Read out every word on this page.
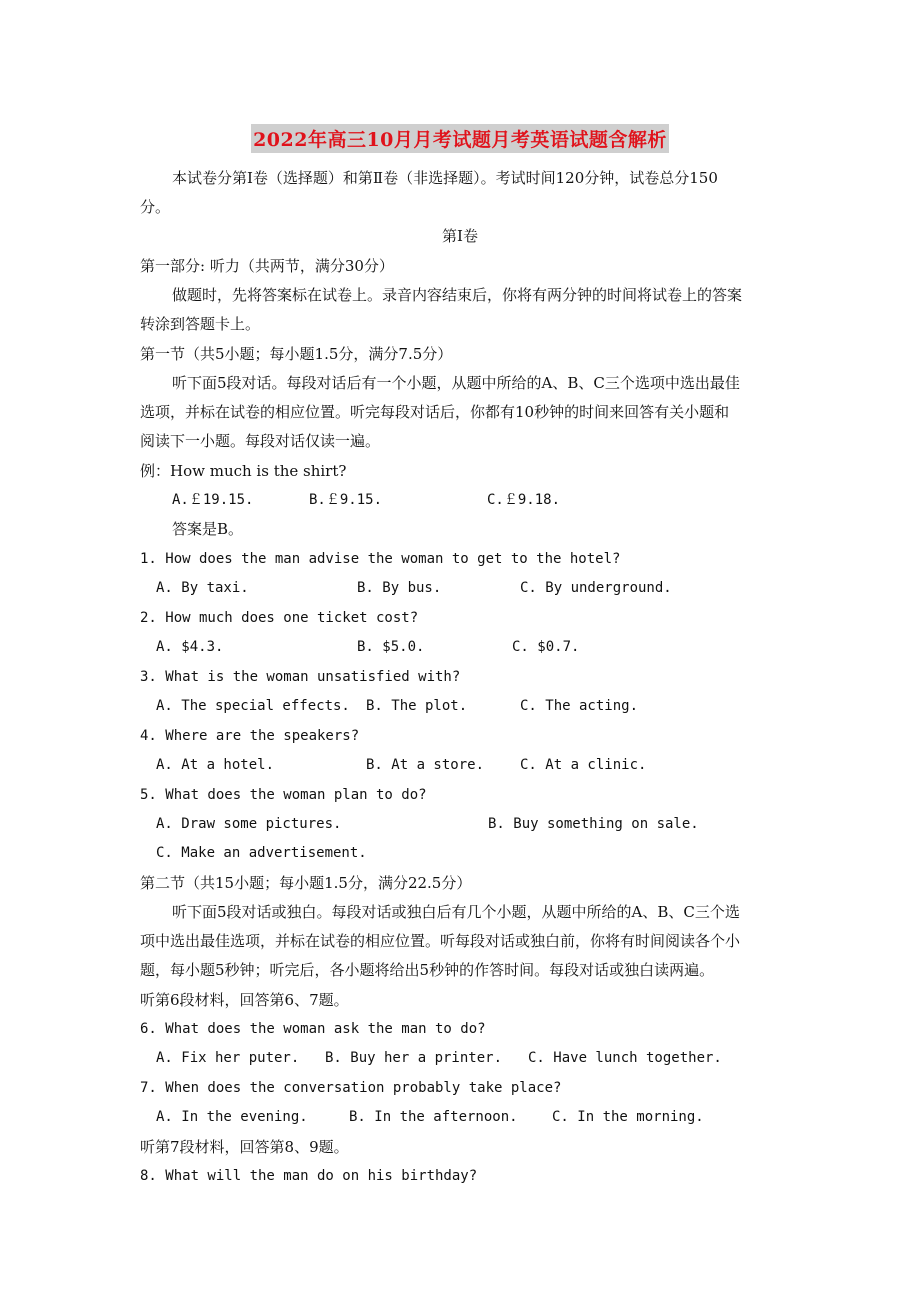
2022年高三10月月考试题月考英语试题含解析
本试卷分第Ⅰ卷（选择题）和第Ⅱ卷（非选择题）。考试时间120分钟，试卷总分150
分。
第Ⅰ卷
第一部分: 听力（共两节，满分30分）
做题时，先将答案标在试卷上。录音内容结束后，你将有两分钟的时间将试卷上的答案
转涂到答题卡上。
第一节（共5小题；每小题1.5分，满分7.5分）
听下面5段对话。每段对话后有一个小题，从题中所给的A、B、C三个选项中选出最佳
选项，并标在试卷的相应位置。听完每段对话后，你都有10秒钟的时间来回答有关小题和
阅读下一小题。每段对话仅读一遍。
例：How much is the shirt?
A.￡19.15.	B.￡9.15.	C.￡9.18.
答案是B。
1. How does the man advise the woman to get to the hotel?
A. By taxi.	B. By bus.	C. By underground.
2. How much does one ticket cost?
A. $4.3.	B. $5.0.	C. $0.7.
3. What is the woman unsatisfied with?
A. The special effects. B. The plot.	C. The acting.
4. Where are the speakers?
A. At a hotel.	B. At a store.	C. At a clinic.
5. What does the woman plan to do?
A. Draw some pictures.	B. Buy something on sale.
C. Make an advertisement.
第二节（共15小题；每小题1.5分，满分22.5分）
听下面5段对话或独白。每段对话或独白后有几个小题，从题中所给的A、B、C三个选
项中选出最佳选项，并标在试卷的相应位置。听每段对话或独白前，你将有时间阅读各个小
题，每小题5秒钟；听完后，各小题将给出5秒钟的作答时间。每段对话或独白读两遍。
听第6段材料，回答第6、7题。
6. What does the woman ask the man to do?
A. Fix her puter. B. Buy her a printer. C. Have lunch together.
7. When does the conversation probably take place?
A. In the evening.	B. In the afternoon. C. In the morning.
听第7段材料，回答第8、9题。
8. What will the man do on his birthday?
